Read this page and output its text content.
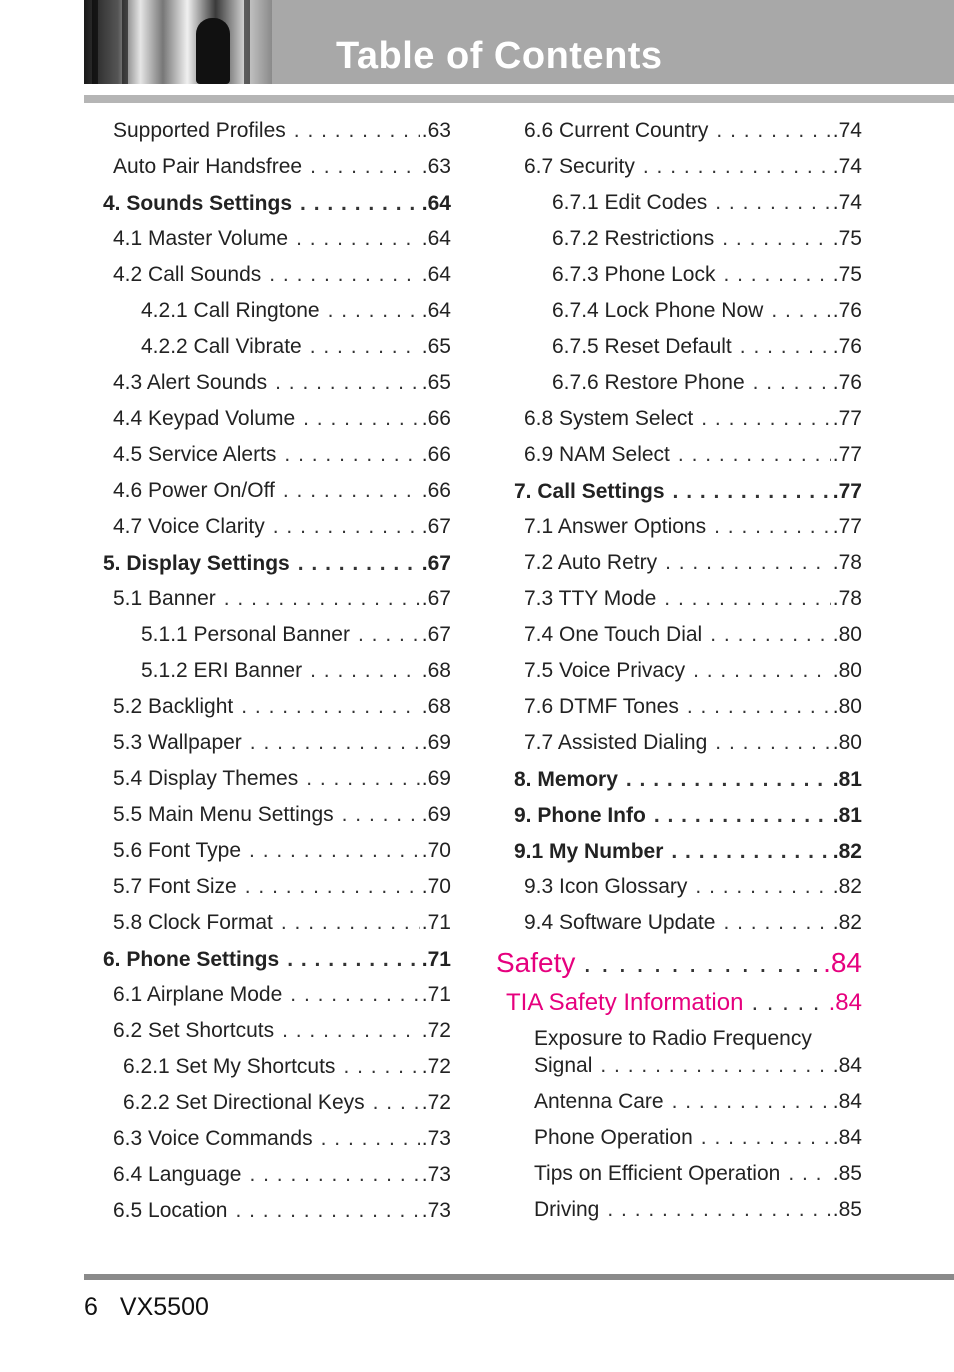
Table of Contents
Supported Profiles . . .	.63
Auto Pair Handsfree . . .	.63
4. Sounds Settings . . .	.64
4.1 Master Volume . . .	.64
4.2 Call Sounds . . .	.64
4.2.1 Call Ringtone . . .	.64
4.2.2 Call Vibrate . . .	.65
4.3 Alert Sounds . . .	.65
4.4 Keypad Volume . . .	.66
4.5 Service Alerts . . .	.66
4.6 Power On/Off . . .	.66
4.7 Voice Clarity . . .	.67
5. Display Settings . . .	.67
5.1 Banner . . .	.67
5.1.1 Personal Banner . . .	.67
5.1.2 ERI Banner . . .	.68
5.2 Backlight . . .	.68
5.3 Wallpaper . . .	.69
5.4 Display Themes . . .	.69
5.5 Main Menu Settings . . .	.69
5.6 Font Type . . .	.70
5.7 Font Size . . .	.70
5.8 Clock Format . . .	.71
6. Phone Settings . . .	.71
6.1 Airplane Mode . . .	.71
6.2 Set Shortcuts . . .	.72
6.2.1 Set My Shortcuts . . .	.72
6.2.2 Set Directional Keys . . .	.72
6.3 Voice Commands . . .	.73
6.4 Language . . .	.73
6.5 Location . . .	.73
6.6 Current Country . . .	.74
6.7 Security . . .	.74
6.7.1 Edit Codes . . .	.74
6.7.2 Restrictions . . .	.75
6.7.3 Phone Lock . . .	.75
6.7.4 Lock Phone Now . . .	.76
6.7.5 Reset Default . . .	.76
6.7.6 Restore Phone . . .	.76
6.8 System Select . . .	.77
6.9 NAM Select . . .	.77
7. Call Settings . . .	.77
7.1 Answer Options . . .	.77
7.2 Auto Retry . . .	.78
7.3 TTY Mode . . .	.78
7.4 One Touch Dial . . .	.80
7.5 Voice Privacy . . .	.80
7.6 DTMF Tones . . .	.80
7.7 Assisted Dialing . . .	.80
8. Memory . . .	.81
9. Phone Info . . .	.81
9.1 My Number . . .	.82
9.3 Icon Glossary . . .	.82
9.4 Software Update . . .	.82
Safety . . .	.84
TIA Safety Information . . .	.84
Exposure to Radio Frequency
Signal . . .	.84
Antenna Care . . .	.84
Phone Operation . . .	.84
Tips on Efficient Operation . . . .85
Driving . . .	.85
6 VX5500
